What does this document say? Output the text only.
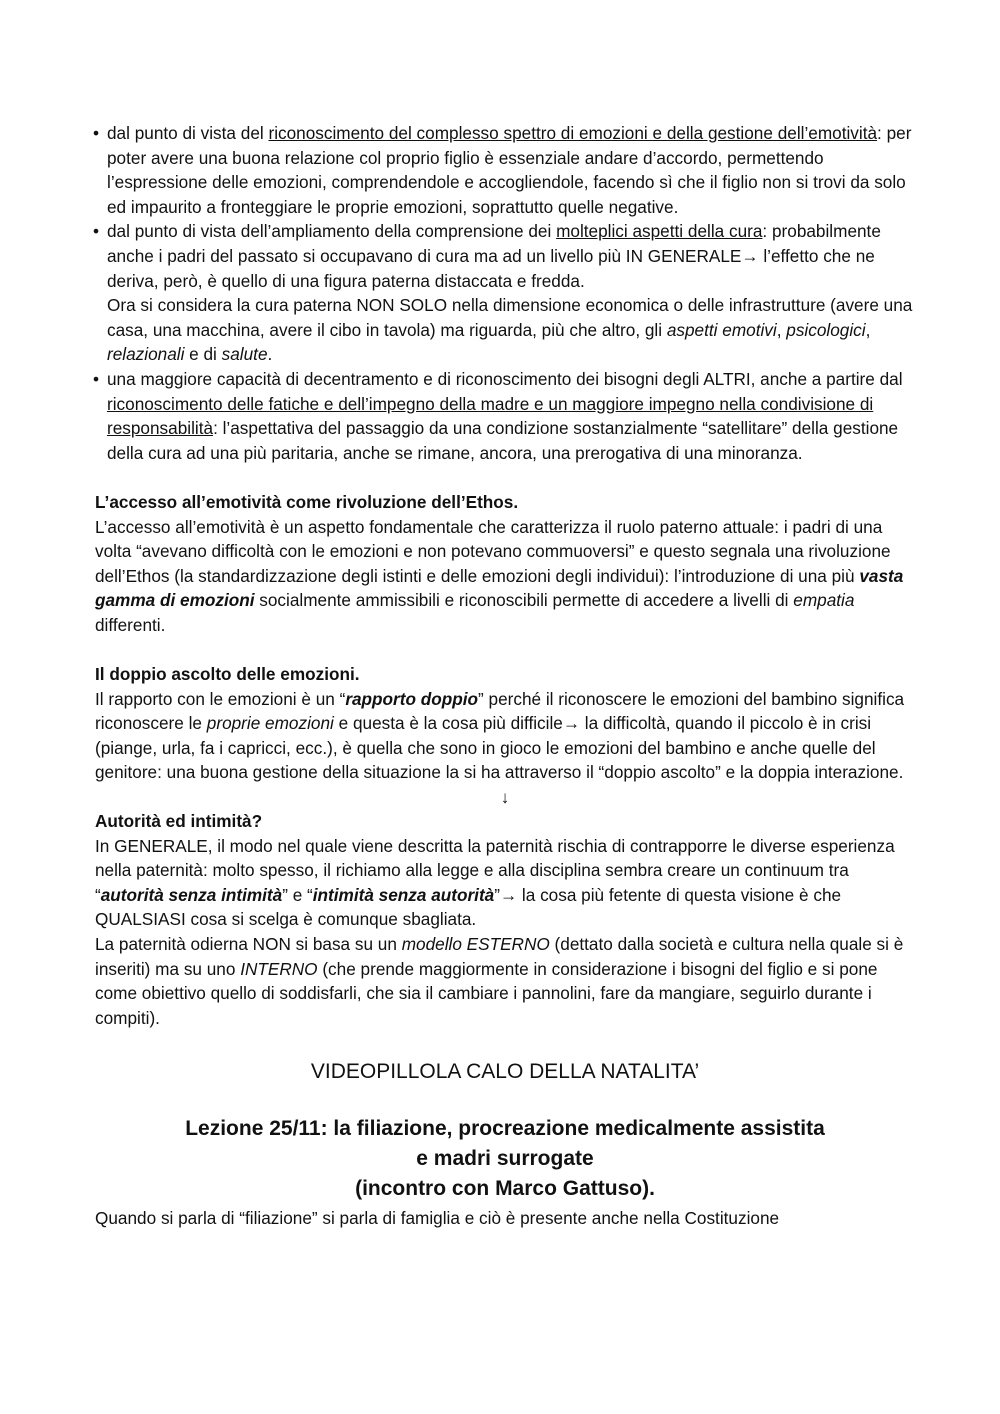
• dal punto di vista del riconoscimento del complesso spettro di emozioni e della gestione dell’emotività: per poter avere una buona relazione col proprio figlio è essenziale andare d’accordo, permettendo l’espressione delle emozioni, comprendendole e accogliendole, facendo sì che il figlio non si trovi da solo ed impaurito a fronteggiare le proprie emozioni, soprattutto quelle negative.
• dal punto di vista dell’ampliamento della comprensione dei molteplici aspetti della cura: probabilmente anche i padri del passato si occupavano di cura ma ad un livello più IN GENERALE→ l’effetto che ne deriva, però, è quello di una figura paterna distaccata e fredda.
Ora si considera la cura paterna NON SOLO nella dimensione economica o delle infrastrutture (avere una casa, una macchina, avere il cibo in tavola) ma riguarda, più che altro, gli aspetti emotivi, psicologici, relazionali e di salute.
• una maggiore capacità di decentramento e di riconoscimento dei bisogni degli ALTRI, anche a partire dal riconoscimento delle fatiche e dell’impegno della madre e un maggiore impegno nella condivisione di responsabilità: l’aspettativa del passaggio da una condizione sostanzialmente “satellitare” della gestione della cura ad una più paritaria, anche se rimane, ancora, una prerogativa di una minoranza.

L’accesso all’emotività come rivoluzione dell’Ethos.

L’accesso all’emotività è un aspetto fondamentale che caratterizza il ruolo paterno attuale: i padri di una volta “avevano difficoltà con le emozioni e non potevano commuoversi” e questo segnala una rivoluzione dell’Ethos (la standardizzazione degli istinti e delle emozioni degli individui): l’introduzione di una più vasta gamma di emozioni socialmente ammissibili e riconoscibili permette di accedere a livelli di empatia differenti.

Il doppio ascolto delle emozioni.

Il rapporto con le emozioni è un “rapporto doppio” perché il riconoscere le emozioni del bambino significa riconoscere le proprie emozioni e questa è la cosa più difficile→ la difficoltà, quando il piccolo è in crisi (piange, urla, fa i capricci, ecc.), è quella che sono in gioco le emozioni del bambino e anche quelle del genitore: una buona gestione della situazione la si ha attraverso il “doppio ascolto” e la doppia interazione.

↓

Autorità ed intimità?

In GENERALE, il modo nel quale viene descritta la paternità rischia di contrapporre le diverse esperienza nella paternità: molto spesso, il richiamo alla legge e alla disciplina sembra creare un continuum tra “autorità senza intimità” e “intimità senza autorità”→ la cosa più fetente di questa visione è che QUALSIASI cosa si scelga è comunque sbagliata.

La paternità odierna NON si basa su un modello ESTERNO (dettato dalla società e cultura nella quale si è inseriti) ma su uno INTERNO (che prende maggiormente in considerazione i bisogni del figlio e si pone come obiettivo quello di soddisfarli, che sia il cambiare i pannolini, fare da mangiare, seguirlo durante i compiti).

VIDEOPILLOLA CALO DELLA NATALITA’

Lezione 25/11: la filiazione, procreazione medicalmente assistita
e madri surrogate
(incontro con Marco Gattuso).

Quando si parla di “filiazione” si parla di famiglia e ciò è presente anche nella Costituzione
